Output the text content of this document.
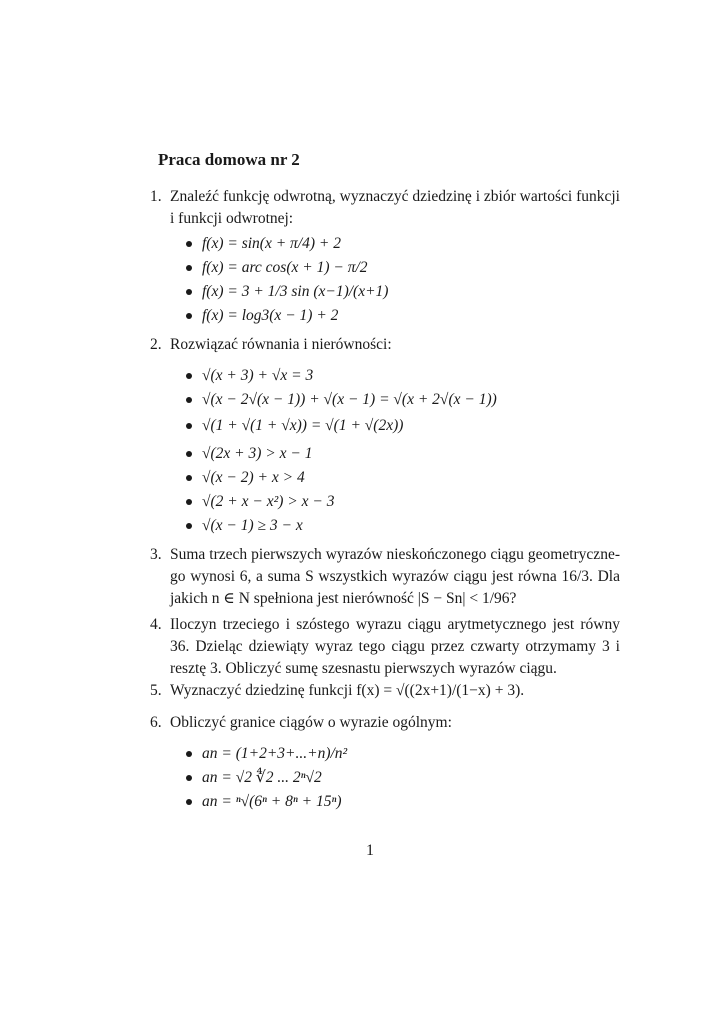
Praca domowa nr 2
1. Znaleźć funkcję odwrotną, wyznaczyć dziedzinę i zbiór wartości funkcji i funkcji odwrotnej:
f(x) = sin(x + π/4) + 2
f(x) = arc cos(x + 1) − π/2
f(x) = 3 + 1/3 sin (x−1)/(x+1)
f(x) = log3(x − 1) + 2
2. Rozwiązać równania i nierówności:
√(x + 3) + √x = 3
√(x − 2√(x − 1)) + √(x − 1) = √(x + 2√(x − 1))
√(1 + √(1 + √x)) = √(1 + √(2x))
√(2x + 3) > x − 1
√(x − 2) + x > 4
√(2 + x − x²) > x − 3
√(x − 1) ≥ 3 − x
3. Suma trzech pierwszych wyrazów nieskończonego ciągu geometrycznego wynosi 6, a suma S wszystkich wyrazów ciągu jest równa 16/3. Dla jakich n ∈ N spełniona jest nierówność |S − Sn| < 1/96?
4. Iloczyn trzeciego i szóstego wyrazu ciągu arytmetycznego jest równy 36. Dzieląc dziewiąty wyraz tego ciągu przez czwarty otrzymamy 3 i resztę 3. Obliczyć sumę szesnastu pierwszych wyrazów ciągu.
5. Wyznaczyć dziedzinę funkcji f(x) = √((2x+1)/(1−x) + 3).
6. Obliczyć granice ciągów o wyrazie ogólnym:
an = (1+2+3+...+n)/n²
an = √2 ∜2 ... 2ⁿ√2
an = ⁿ√(6ⁿ + 8ⁿ + 15ⁿ)
1
